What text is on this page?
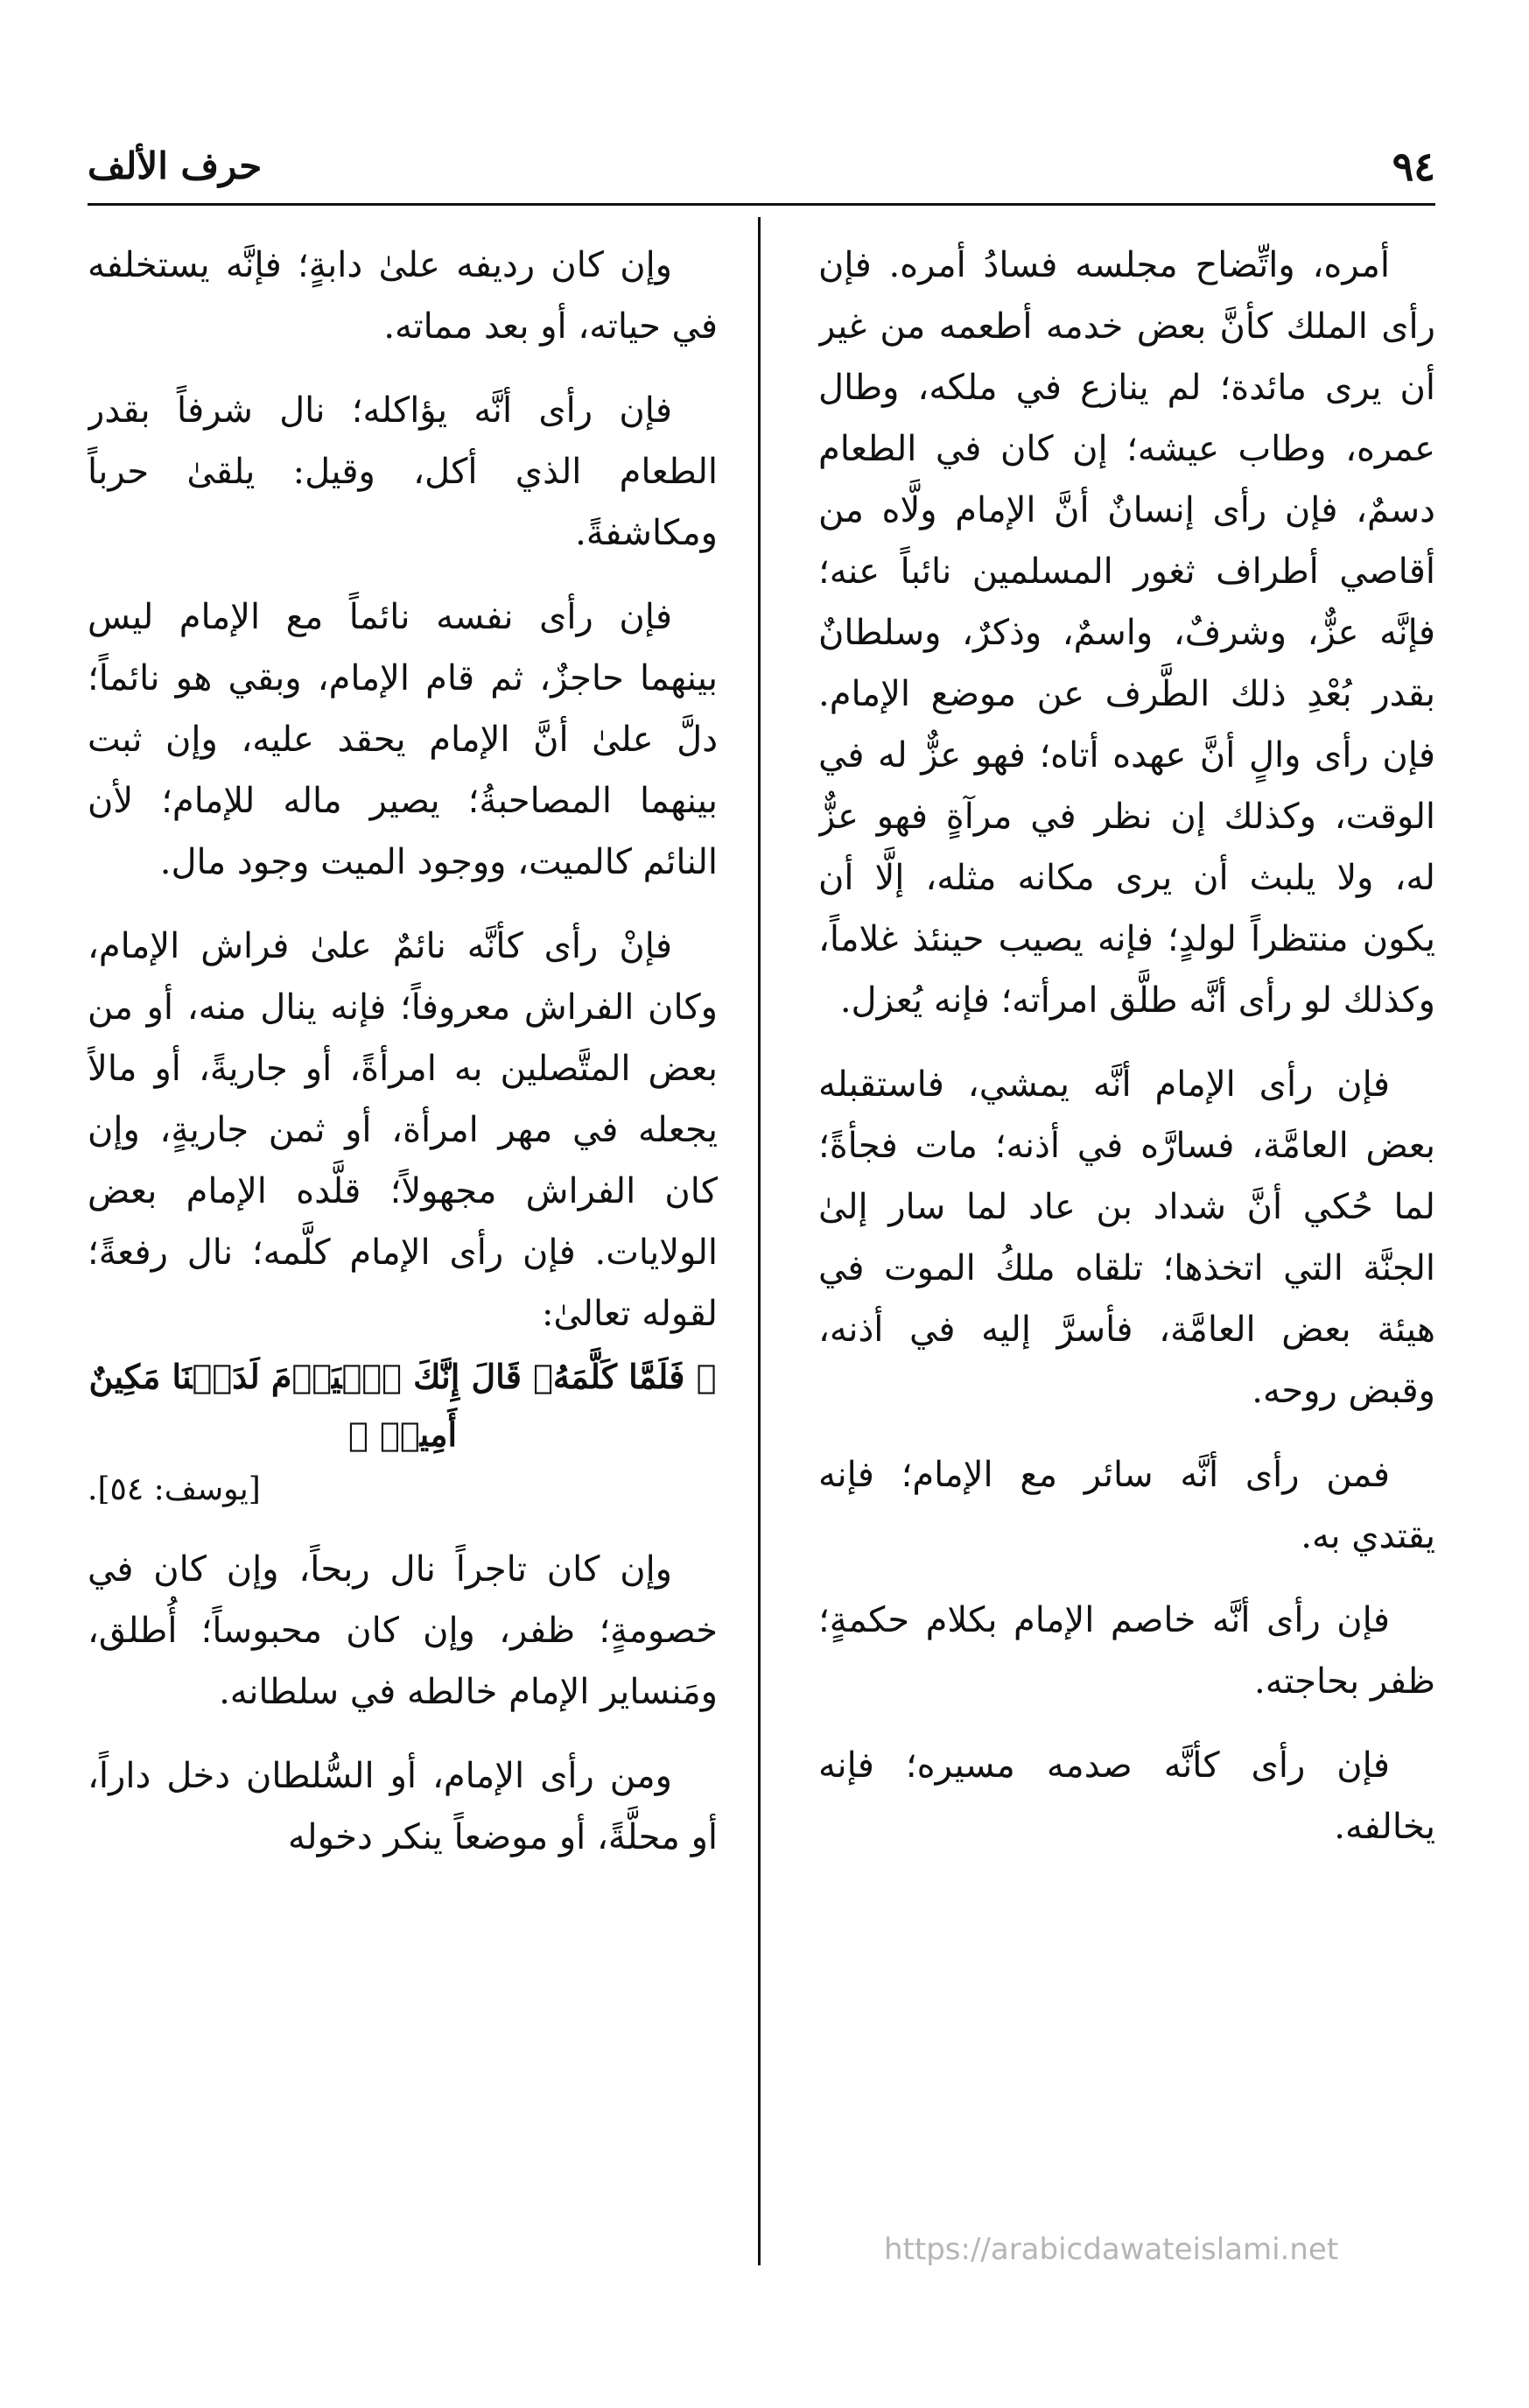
٩٤
حرف الألف

أمره، واتِّضاح مجلسه فسادُ أمره. فإن رأى الملك كأنَّ بعض خدمه أطعمه من غير أن يرى مائدة؛ لم ينازع في ملكه، وطال عمره، وطاب عيشه؛ إن كان في الطعام دسمٌ، فإن رأى إنسانٌ أنَّ الإمام ولَّاه من أقاصي أطراف ثغور المسلمين نائباً عنه؛ فإنَّه عزٌّ، وشرفٌ، واسمٌ، وذكرٌ، وسلطانٌ بقدر بُعْدِ ذلك الطَّرف عن موضع الإمام. فإن رأى والٍ أنَّ عهده أتاه؛ فهو عزٌّ له في الوقت، وكذلك إن نظر في مرآةٍ فهو عزٌّ له، ولا يلبث أن يرى مكانه مثله، إلَّا أن يكون منتظراً لولدٍ؛ فإنه يصيب حينئذ غلاماً، وكذلك لو رأى أنَّه طلَّق امرأته؛ فإنه يُعزل.

فإن رأى الإمام أنَّه يمشي، فاستقبله بعض العامَّة، فسارَّه في أذنه؛ مات فجأةً؛ لما حُكي أنَّ شداد بن عاد لما سار إلىٰ الجنَّة التي اتخذها؛ تلقاه ملكُ الموت في هيئة بعض العامَّة، فأسرَّ إليه في أذنه، وقبض روحه.

فمن رأى أنَّه سائر مع الإمام؛ فإنه يقتدي به.

فإن رأى أنَّه خاصم الإمام بكلام حكمةٍ؛ ظفر بحاجته.

فإن رأى كأنَّه صدمه مسيره؛ فإنه يخالفه.

وإن كان رديفه علىٰ دابةٍ؛ فإنَّه يستخلفه في حياته، أو بعد مماته.

فإن رأى أنَّه يؤاكله؛ نال شرفاً بقدر الطعام الذي أكل، وقيل: يلقىٰ حرباً ومكاشفةً.

فإن رأى نفسه نائماً مع الإمام ليس بينهما حاجزٌ، ثم قام الإمام، وبقي هو نائماً؛ دلَّ علىٰ أنَّ الإمام يحقد عليه، وإن ثبت بينهما المصاحبةُ؛ يصير ماله للإمام؛ لأن النائم كالميت، ووجود الميت وجود مال.

فإنْ رأى كأنَّه نائمٌ علىٰ فراش الإمام، وكان الفراش معروفاً؛ فإنه ينال منه، أو من بعض المتَّصلين به امرأةً، أو جاريةً، أو مالاً يجعله في مهر امرأة، أو ثمن جاريةٍ، وإن كان الفراش مجهولاً؛ قلَّده الإمام بعض الولايات. فإن رأى الإمام كلَّمه؛ نال رفعةً؛ لقوله تعالىٰ:

﴿ فَلَمَّا كَلَّمَهُۥ قَالَ إِنَّكَ ٱلۡيَوۡمَ لَدَيۡنَا مَكِينٌ أَمِينٞ ﴾

[يوسف: ٥٤].

وإن كان تاجراً نال ربحاً، وإن كان في خصومةٍ؛ ظفر، وإن كان محبوساً؛ أُطلق، ومَنساير الإمام خالطه في سلطانه.

ومن رأى الإمام، أو السُّلطان دخل داراً، أو محلَّةً، أو موضعاً ينكر دخوله

https://arabicdawateislami.net
